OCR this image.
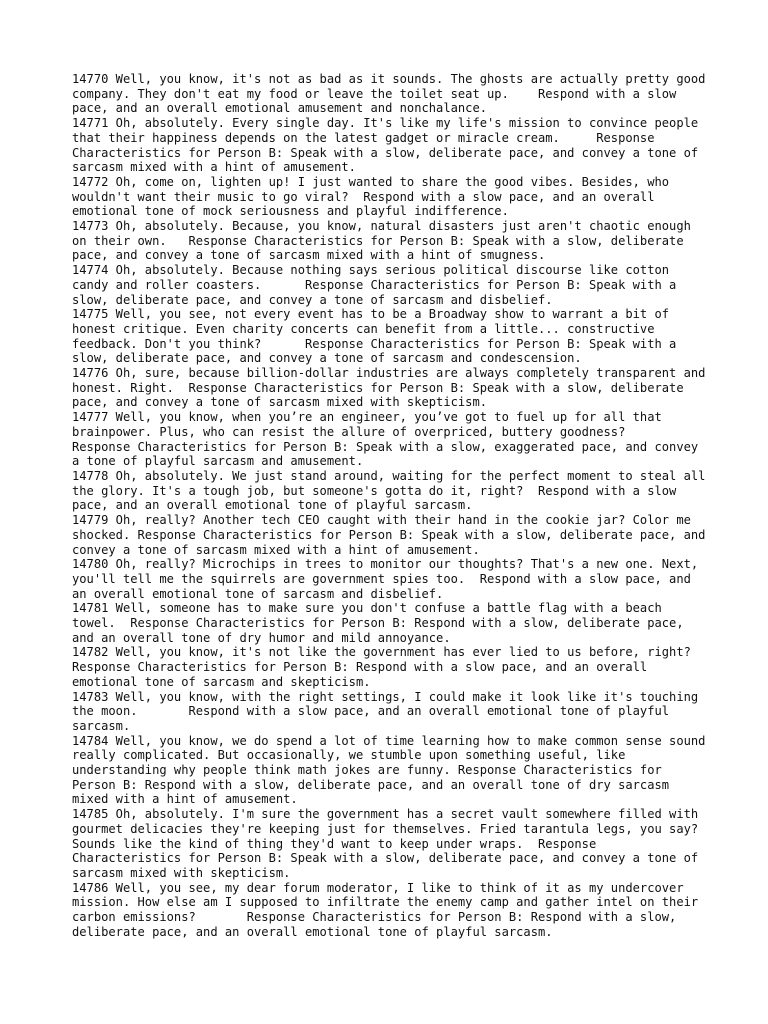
14770 Well, you know, it's not as bad as it sounds. The ghosts are actually pretty good company. They don't eat my food or leave the toilet seat up.	Respond with a slow pace, and an overall emotional amusement and nonchalance.

14771 Oh, absolutely. Every single day. It's like my life's mission to convince people that their happiness depends on the latest gadget or miracle cream.	Response Characteristics for Person B: Speak with a slow, deliberate pace, and convey a tone of sarcasm mixed with a hint of amusement.

14772 Oh, come on, lighten up! I just wanted to share the good vibes. Besides, who wouldn't want their music to go viral?	Respond with a slow pace, and an overall emotional tone of mock seriousness and playful indifference.

14773 Oh, absolutely. Because, you know, natural disasters just aren't chaotic enough on their own.	Response Characteristics for Person B: Speak with a slow, deliberate pace, and convey a tone of sarcasm mixed with a hint of smugness.

14774 Oh, absolutely. Because nothing says serious political discourse like cotton candy and roller coasters.	Response Characteristics for Person B: Speak with a slow, deliberate pace, and convey a tone of sarcasm and disbelief.

14775 Well, you see, not every event has to be a Broadway show to warrant a bit of honest critique. Even charity concerts can benefit from a little... constructive feedback. Don't you think?	Response Characteristics for Person B: Speak with a slow, deliberate pace, and convey a tone of sarcasm and condescension.

14776 Oh, sure, because billion-dollar industries are always completely transparent and honest. Right.	Response Characteristics for Person B: Speak with a slow, deliberate pace, and convey a tone of sarcasm mixed with skepticism.

14777 Well, you know, when you’re an engineer, you’ve got to fuel up for all that brainpower. Plus, who can resist the allure of overpriced, buttery goodness?	Response Characteristics for Person B: Speak with a slow, exaggerated pace, and convey a tone of playful sarcasm and amusement.

14778 Oh, absolutely. We just stand around, waiting for the perfect moment to steal all the glory. It's a tough job, but someone's gotta do it, right?	Respond with a slow pace, and an overall emotional tone of playful sarcasm.

14779 Oh, really? Another tech CEO caught with their hand in the cookie jar? Color me shocked. Response Characteristics for Person B: Speak with a slow, deliberate pace, and convey a tone of sarcasm mixed with a hint of amusement.

14780 Oh, really? Microchips in trees to monitor our thoughts? That's a new one. Next, you'll tell me the squirrels are government spies too.	Respond with a slow pace, and an overall emotional tone of sarcasm and disbelief.

14781 Well, someone has to make sure you don't confuse a battle flag with a beach towel.	Response Characteristics for Person B: Respond with a slow, deliberate pace, and an overall tone of dry humor and mild annoyance.

14782 Well, you know, it's not like the government has ever lied to us before, right?	Response Characteristics for Person B: Respond with a slow pace, and an overall emotional tone of sarcasm and skepticism.

14783 Well, you know, with the right settings, I could make it look like it's touching the moon.	Respond with a slow pace, and an overall emotional tone of playful sarcasm.

14784 Well, you know, we do spend a lot of time learning how to make common sense sound really complicated. But occasionally, we stumble upon something useful, like understanding why people think math jokes are funny. Response Characteristics for Person B: Respond with a slow, deliberate pace, and an overall tone of dry sarcasm mixed with a hint of amusement.

14785 Oh, absolutely. I'm sure the government has a secret vault somewhere filled with gourmet delicacies they're keeping just for themselves. Fried tarantula legs, you say? Sounds like the kind of thing they'd want to keep under wraps.	Response Characteristics for Person B: Speak with a slow, deliberate pace, and convey a tone of sarcasm mixed with skepticism.

14786 Well, you see, my dear forum moderator, I like to think of it as my undercover mission. How else am I supposed to infiltrate the enemy camp and gather intel on their carbon emissions?	Response Characteristics for Person B: Respond with a slow, deliberate pace, and an overall emotional tone of playful sarcasm.
